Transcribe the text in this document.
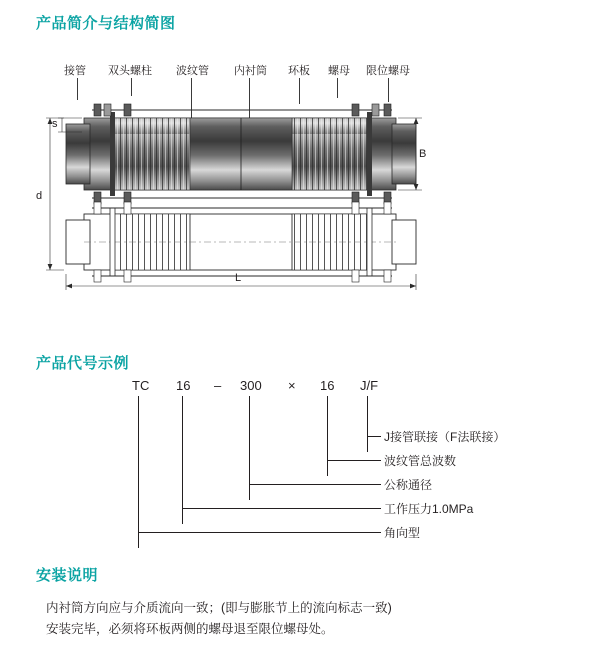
产品简介与结构简图
产品代号示例
安装说明
接管 双头螺柱 波纹管 内衬筒 环板 螺母 限位螺母
s
d
B
L
TC 16 – 300 × 16 J/F
J接管联接（F法联接）
波纹管总波数
公称通径
工作压力1.0MPa
角向型
内衬筒方向应与介质流向一致；(即与膨胀节上的流向标志一致)
安装完毕，必须将环板两侧的螺母退至限位螺母处。
